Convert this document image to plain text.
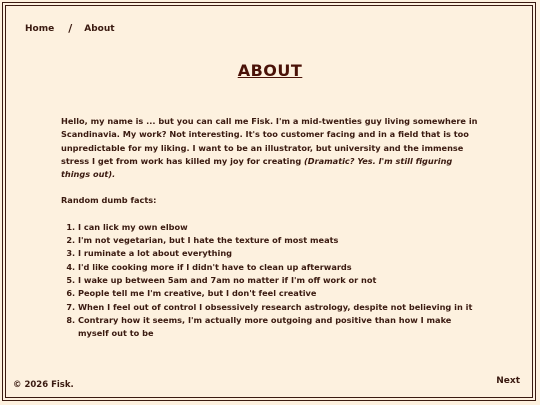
Home / About
ABOUT

Hello, my name is ... but you can call me Fisk. I'm a mid-twenties guy living somewhere in Scandinavia. My work? Not interesting. It's too customer facing and in a field that is too unpredictable for my liking. I want to be an illustrator, but university and the immense stress I get from work has killed my joy for creating (Dramatic? Yes. I'm still figuring things out).

Random dumb facts:

1. I can lick my own elbow
2. I'm not vegetarian, but I hate the texture of most meats
3. I ruminate a lot about everything
4. I'd like cooking more if I didn't have to clean up afterwards
5. I wake up between 5am and 7am no matter if I'm off work or not
6. People tell me I'm creative, but I don't feel creative
7. When I feel out of control I obsessively research astrology, despite not believing in it
8. Contrary how it seems, I'm actually more outgoing and positive than how I make myself out to be
© 2026 Fisk.	Next
